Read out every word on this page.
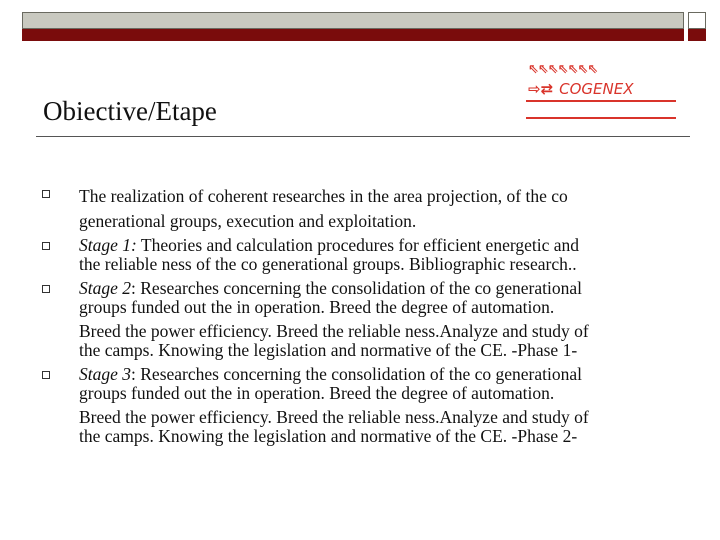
⇖⇖⇖⇖⇖⇖⇖
⇨⇄ COGENEX
Obiective/Etape
The realization of coherent researches in the area projection, of the co
generational groups, execution and exploitation.
Stage 1: Theories and calculation procedures for efficient energetic and
the reliable ness of the co generational groups. Bibliographic research..
Stage 2: Researches concerning the consolidation of the co generational
groups funded out the in operation. Breed the degree of automation.
Breed the power efficiency. Breed the reliable ness.Analyze and study of
the camps. Knowing the legislation and normative of the CE. -Phase 1-
Stage 3: Researches concerning the consolidation of the co generational
groups funded out the in operation. Breed the degree of automation.
Breed the power efficiency. Breed the reliable ness.Analyze and study of
the camps. Knowing the legislation and normative of the CE. -Phase 2-
